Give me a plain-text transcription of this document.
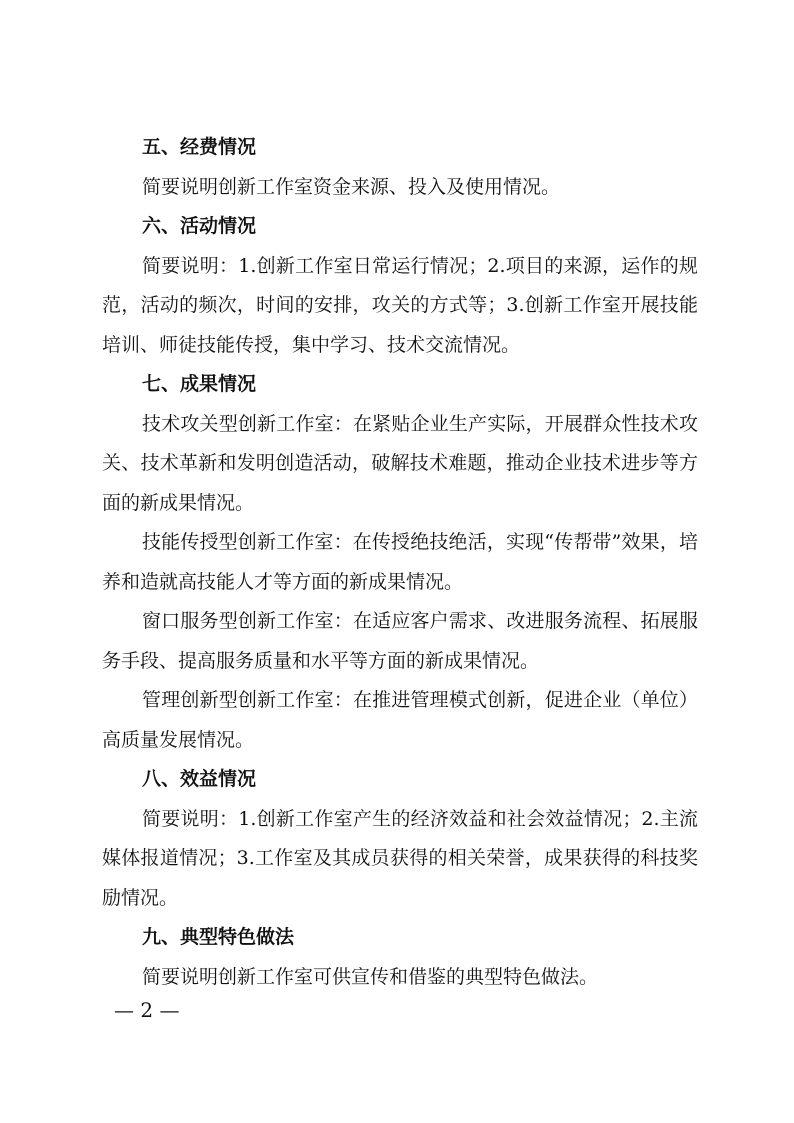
五、经费情况

简要说明创新工作室资金来源、投入及使用情况。

六、活动情况

简要说明：1.创新工作室日常运行情况；2.项目的来源，运作的规范，活动的频次，时间的安排，攻关的方式等；3.创新工作室开展技能培训、师徒技能传授，集中学习、技术交流情况。

七、成果情况

技术攻关型创新工作室：在紧贴企业生产实际，开展群众性技术攻关、技术革新和发明创造活动，破解技术难题，推动企业技术进步等方面的新成果情况。

技能传授型创新工作室：在传授绝技绝活，实现“传帮带”效果，培养和造就高技能人才等方面的新成果情况。

窗口服务型创新工作室：在适应客户需求、改进服务流程、拓展服务手段、提高服务质量和水平等方面的新成果情况。

管理创新型创新工作室：在推进管理模式创新，促进企业（单位）高质量发展情况。

八、效益情况

简要说明：1.创新工作室产生的经济效益和社会效益情况；2.主流媒体报道情况；3.工作室及其成员获得的相关荣誉，成果获得的科技奖励情况。

九、典型特色做法

简要说明创新工作室可供宣传和借鉴的典型特色做法。

— 2 —
